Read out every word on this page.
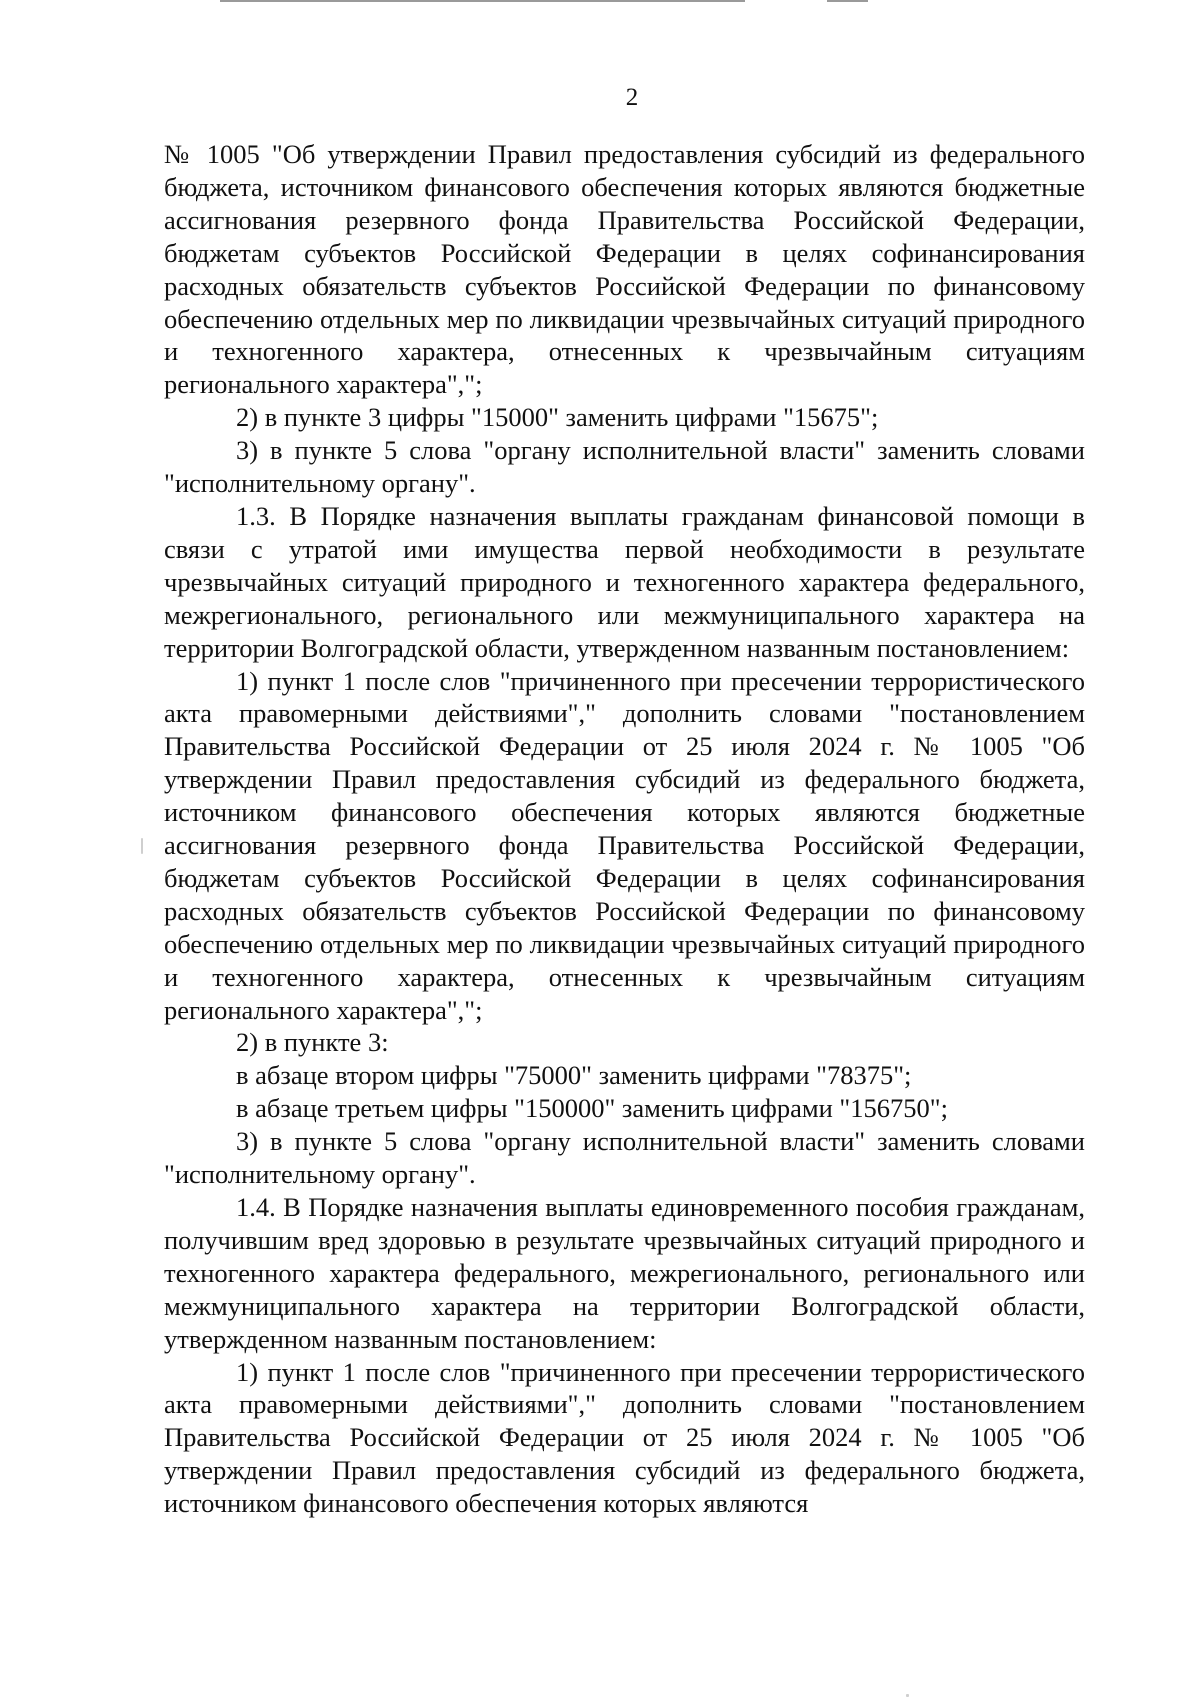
2

№ 1005 "Об утверждении Правил предоставления субсидий из федерального бюджета, источником финансового обеспечения которых являются бюджетные ассигнования резервного фонда Правительства Российской Федерации, бюджетам субъектов Российской Федерации в целях софинансирования расходных обязательств субъектов Российской Федерации по финансовому обеспечению отдельных мер по ликвидации чрезвычайных ситуаций природного и техногенного характера, отнесенных к чрезвычайным ситуациям регионального характера",";

2) в пункте 3 цифры "15000" заменить цифрами "15675";

3) в пункте 5 слова "органу исполнительной власти" заменить словами "исполнительному органу".

1.3. В Порядке назначения выплаты гражданам финансовой помощи в связи с утратой ими имущества первой необходимости в результате чрезвычайных ситуаций природного и техногенного характера федерального, межрегионального, регионального или межмуниципального характера на территории Волгоградской области, утвержденном названным постановлением:

1) пункт 1 после слов "причиненного при пресечении террористического акта правомерными действиями"," дополнить словами "постановлением Правительства Российской Федерации от 25 июля 2024 г. № 1005 "Об утверждении Правил предоставления субсидий из федерального бюджета, источником финансового обеспечения которых являются бюджетные ассигнования резервного фонда Правительства Российской Федерации, бюджетам субъектов Российской Федерации в целях софинансирования расходных обязательств субъектов Российской Федерации по финансовому обеспечению отдельных мер по ликвидации чрезвычайных ситуаций природного и техногенного характера, отнесенных к чрезвычайным ситуациям регионального характера",";

2) в пункте 3:

в абзаце втором цифры "75000" заменить цифрами "78375";

в абзаце третьем цифры "150000" заменить цифрами "156750";

3) в пункте 5 слова "органу исполнительной власти" заменить словами "исполнительному органу".

1.4. В Порядке назначения выплаты единовременного пособия гражданам, получившим вред здоровью в результате чрезвычайных ситуаций природного и техногенного характера федерального, межрегионального, регионального или межмуниципального характера на территории Волгоградской области, утвержденном названным постановлением:

1) пункт 1 после слов "причиненного при пресечении террористического акта правомерными действиями"," дополнить словами "постановлением Правительства Российской Федерации от 25 июля 2024 г. № 1005 "Об утверждении Правил предоставления субсидий из федерального бюджета, источником финансового обеспечения которых являются
